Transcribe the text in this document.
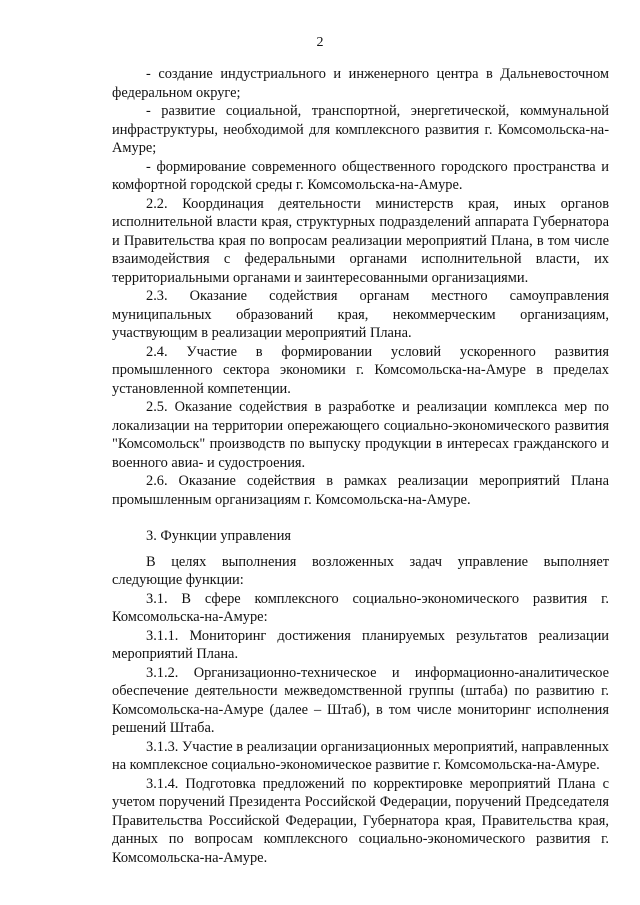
2

- создание индустриального и инженерного центра в Дальневосточном федеральном округе;

- развитие социальной, транспортной, энергетической, коммунальной инфраструктуры, необходимой для комплексного развития г. Комсомольска-на-Амуре;

- формирование современного общественного городского пространства и комфортной городской среды г. Комсомольска-на-Амуре.

2.2. Координация деятельности министерств края, иных органов исполнительной власти края, структурных подразделений аппарата Губернатора и Правительства края по вопросам реализации мероприятий Плана, в том числе взаимодействия с федеральными органами исполнительной власти, их территориальными органами и заинтересованными организациями.

2.3. Оказание содействия органам местного самоуправления муниципальных образований края, некоммерческим организациям, участвующим в реализации мероприятий Плана.

2.4. Участие в формировании условий ускоренного развития промышленного сектора экономики г. Комсомольска-на-Амуре в пределах установленной компетенции.

2.5. Оказание содействия в разработке и реализации комплекса мер по локализации на территории опережающего социально-экономического развития "Комсомольск" производств по выпуску продукции в интересах гражданского и военного авиа- и судостроения.

2.6. Оказание содействия в рамках реализации мероприятий Плана промышленным организациям г. Комсомольска-на-Амуре.

3. Функции управления

В целях выполнения возложенных задач управление выполняет следующие функции:

3.1. В сфере комплексного социально-экономического развития г. Комсомольска-на-Амуре:

3.1.1. Мониторинг достижения планируемых результатов реализации мероприятий Плана.

3.1.2. Организационно-техническое и информационно-аналитическое обеспечение деятельности межведомственной группы (штаба) по развитию г. Комсомольска-на-Амуре (далее – Штаб), в том числе мониторинг исполнения решений Штаба.

3.1.3. Участие в реализации организационных мероприятий, направленных на комплексное социально-экономическое развитие г. Комсомольска-на-Амуре.

3.1.4. Подготовка предложений по корректировке мероприятий Плана с учетом поручений Президента Российской Федерации, поручений Председателя Правительства Российской Федерации, Губернатора края, Правительства края, данных по вопросам комплексного социально-экономического развития г. Комсомольска-на-Амуре.
